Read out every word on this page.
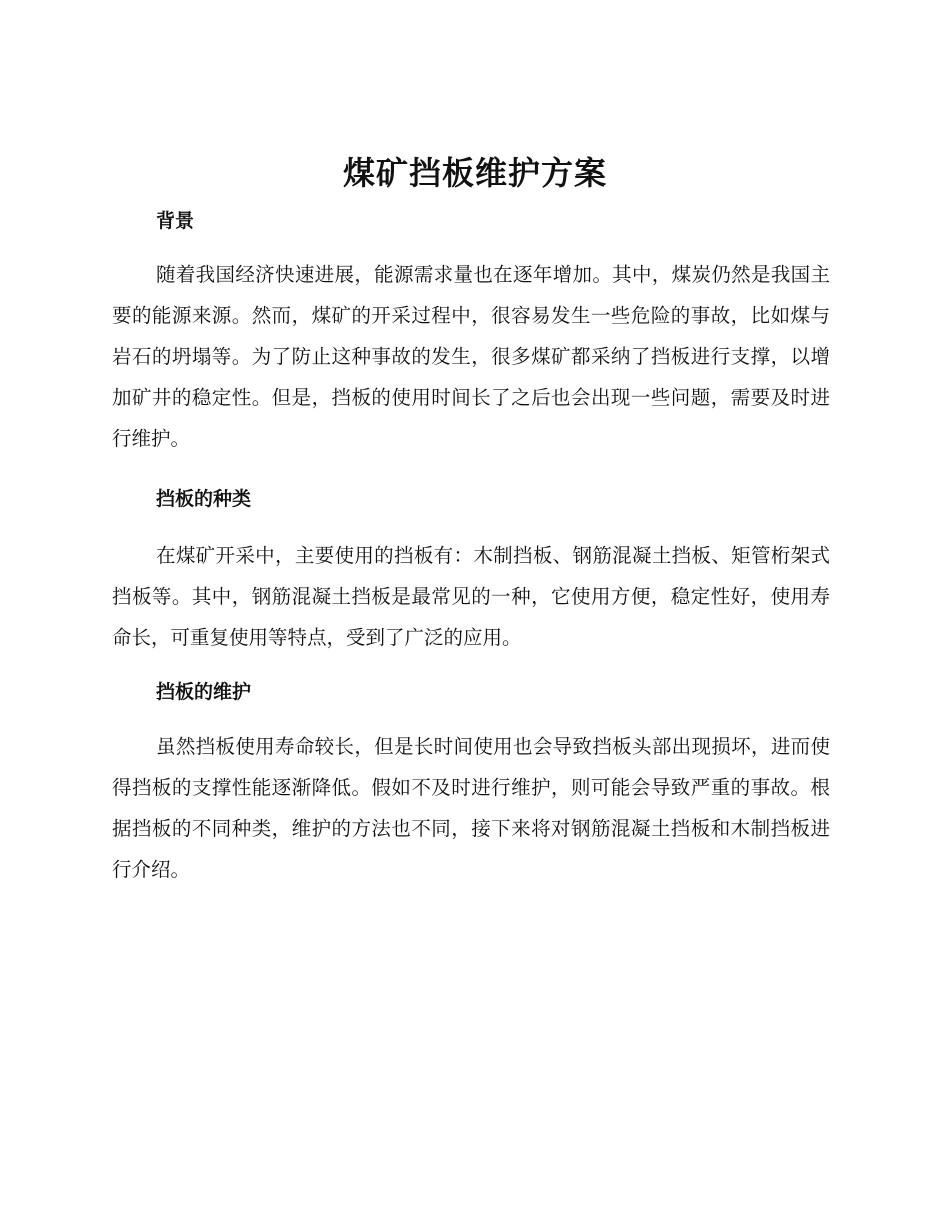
煤矿挡板维护方案
背景

随着我国经济快速进展，能源需求量也在逐年增加。其中，煤炭仍然是我国主要的能源来源。然而，煤矿的开采过程中，很容易发生一些危险的事故，比如煤与岩石的坍塌等。为了防止这种事故的发生，很多煤矿都采纳了挡板进行支撑，以增加矿井的稳定性。但是，挡板的使用时间长了之后也会出现一些问题，需要及时进行维护。

挡板的种类

在煤矿开采中，主要使用的挡板有：木制挡板、钢筋混凝土挡板、矩管桁架式挡板等。其中，钢筋混凝土挡板是最常见的一种，它使用方便，稳定性好，使用寿命长，可重复使用等特点，受到了广泛的应用。

挡板的维护

虽然挡板使用寿命较长，但是长时间使用也会导致挡板头部出现损坏，进而使得挡板的支撑性能逐渐降低。假如不及时进行维护，则可能会导致严重的事故。根据挡板的不同种类，维护的方法也不同，接下来将对钢筋混凝土挡板和木制挡板进行介绍。
